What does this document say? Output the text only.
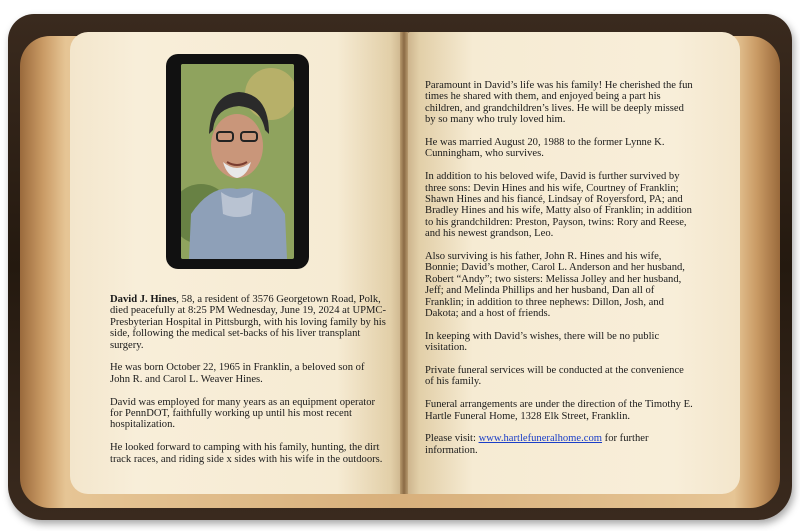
David J. Hines, 58, a resident of 3576 Georgetown Road, Polk, died peacefully at 8:25 PM Wednesday, June 19, 2024 at UPMC-Presbyterian Hospital in Pittsburgh, with his loving family by his side, following the medical set-backs of his liver transplant surgery.

He was born October 22, 1965 in Franklin, a beloved son of John R. and Carol L. Weaver Hines.

David was employed for many years as an equipment operator for PennDOT, faithfully working up until his most recent hospitalization.

He looked forward to camping with his family, hunting, the dirt track races, and riding side x sides with his wife in the outdoors.

Paramount in David’s life was his family! He cherished the fun times he shared with them, and enjoyed being a part his children, and grandchildren’s lives. He will be deeply missed by so many who truly loved him.

He was married August 20, 1988 to the former Lynne K. Cunningham, who survives.

In addition to his beloved wife, David is further survived by three sons: Devin Hines and his wife, Courtney of Franklin; Shawn Hines and his fiancé, Lindsay of Royersford, PA; and Bradley Hines and his wife, Matty also of Franklin; in addition to his grandchildren: Preston, Payson, twins: Rory and Reese, and his newest grandson, Leo.

Also surviving is his father, John R. Hines and his wife, Bonnie; David’s mother, Carol L. Anderson and her husband, Robert “Andy”; two sisters: Melissa Jolley and her husband, Jeff; and Melinda Phillips and her husband, Dan all of Franklin; in addition to three nephews: Dillon, Josh, and Dakota; and a host of friends.

In keeping with David’s wishes, there will be no public visitation.

Private funeral services will be conducted at the convenience of his family.

Funeral arrangements are under the direction of the Timothy E. Hartle Funeral Home, 1328 Elk Street, Franklin.

Please visit: www.hartlefuneralhome.com for further information.
